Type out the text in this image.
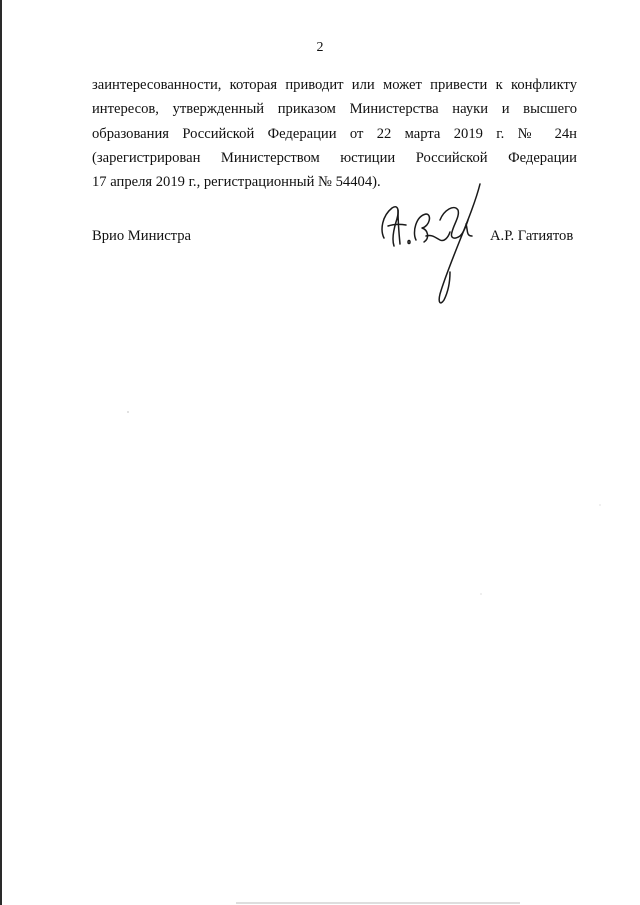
2
заинтересованности, которая приводит или может привести к конфликту
интересов, утвержденный приказом Министерства науки и высшего
образования Российской Федерации от 22 марта 2019 г. № 24н
(зарегистрирован Министерством юстиции Российской Федерации
17 апреля 2019 г., регистрационный № 54404).
Врио Министра	А.Р. Гатиятов
